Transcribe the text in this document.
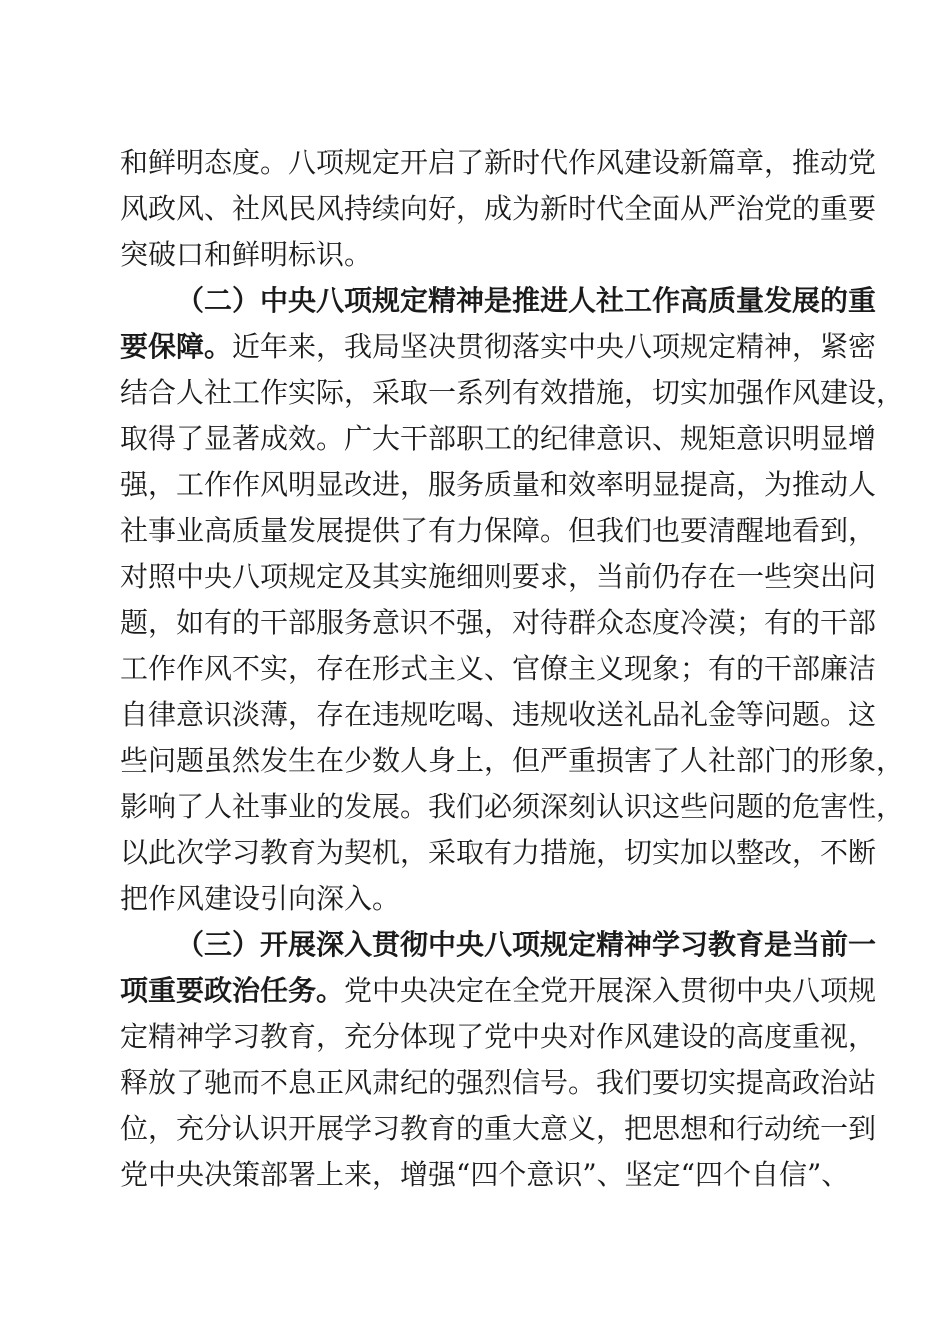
和鲜明态度。八项规定开启了新时代作风建设新篇章，推动党
风政风、社风民风持续向好，成为新时代全面从严治党的重要
突破口和鲜明标识。
（二）中央八项规定精神是推进人社工作高质量发展的重
要保障。近年来，我局坚决贯彻落实中央八项规定精神，紧密
结合人社工作实际，采取一系列有效措施，切实加强作风建设，
取得了显著成效。广大干部职工的纪律意识、规矩意识明显增
强，工作作风明显改进，服务质量和效率明显提高，为推动人
社事业高质量发展提供了有力保障。但我们也要清醒地看到，
对照中央八项规定及其实施细则要求，当前仍存在一些突出问
题，如有的干部服务意识不强，对待群众态度冷漠；有的干部
工作作风不实，存在形式主义、官僚主义现象；有的干部廉洁
自律意识淡薄，存在违规吃喝、违规收送礼品礼金等问题。这
些问题虽然发生在少数人身上，但严重损害了人社部门的形象，
影响了人社事业的发展。我们必须深刻认识这些问题的危害性，
以此次学习教育为契机，采取有力措施，切实加以整改，不断
把作风建设引向深入。
（三）开展深入贯彻中央八项规定精神学习教育是当前一
项重要政治任务。党中央决定在全党开展深入贯彻中央八项规
定精神学习教育，充分体现了党中央对作风建设的高度重视，
释放了驰而不息正风肃纪的强烈信号。我们要切实提高政治站
位，充分认识开展学习教育的重大意义，把思想和行动统一到
党中央决策部署上来，增强“四个意识”、坚定“四个自信”、
